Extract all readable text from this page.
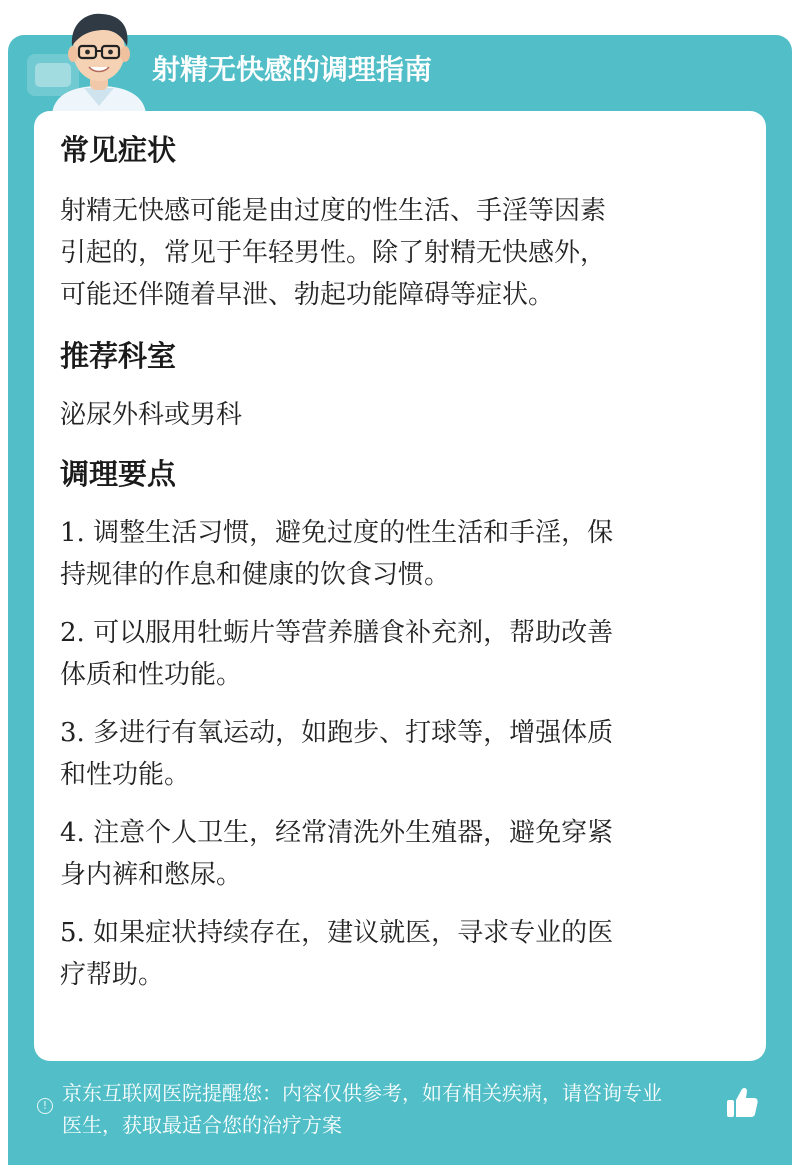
射精无快感的调理指南

常见症状

射精无快感可能是由过度的性生活、手淫等因素

引起的，常见于年轻男性。除了射精无快感外，

可能还伴随着早泄、勃起功能障碍等症状。

推荐科室

泌尿外科或男科

调理要点

1. 调整生活习惯，避免过度的性生活和手淫，保

持规律的作息和健康的饮食习惯。

2. 可以服用牡蛎片等营养膳食补充剂，帮助改善

体质和性功能。

3. 多进行有氧运动，如跑步、打球等，增强体质

和性功能。

4. 注意个人卫生，经常清洗外生殖器，避免穿紧

身内裤和憋尿。

5. 如果症状持续存在，建议就医，寻求专业的医

疗帮助。

!
京东互联网医院提醒您：内容仅供参考，如有相关疾病，请咨询专业
医生，获取最适合您的治疗方案
